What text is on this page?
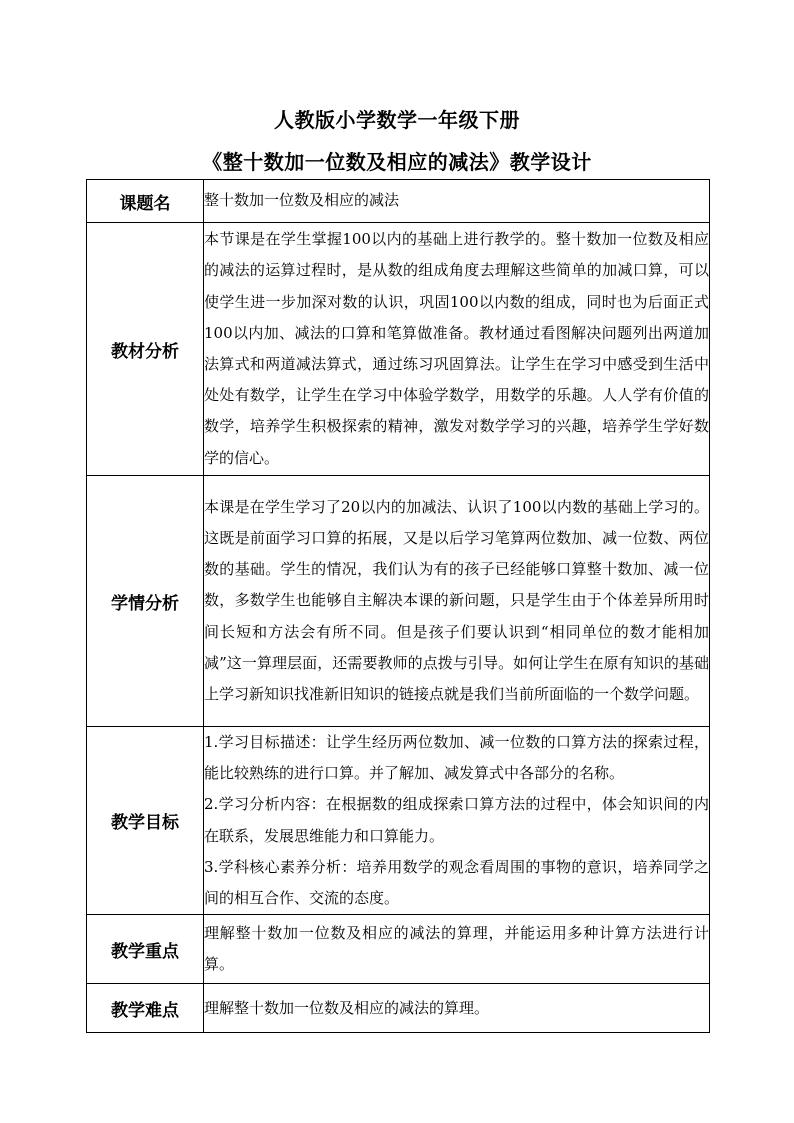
人教版小学数学一年级下册
《整十数加一位数及相应的减法》教学设计
课题名	整十数加一位数及相应的减法

教材分析	本节课是在学生掌握100以内的基础上进行教学的。整十数加一位数及相应的减法的运算过程时，是从数的组成角度去理解这些简单的加减口算，可以使学生进一步加深对数的认识，巩固100以内数的组成，同时也为后面正式100以内加、减法的口算和笔算做准备。教材通过看图解决问题列出两道加法算式和两道减法算式，通过练习巩固算法。让学生在学习中感受到生活中处处有数学，让学生在学习中体验学数学，用数学的乐趣。人人学有价值的数学，培养学生积极探索的精神，激发对数学学习的兴趣，培养学生学好数学的信心。

学情分析	本课是在学生学习了20以内的加减法、认识了100以内数的基础上学习的。这既是前面学习口算的拓展，又是以后学习笔算两位数加、减一位数、两位数的基础。学生的情况，我们认为有的孩子已经能够口算整十数加、减一位数，多数学生也能够自主解决本课的新问题，只是学生由于个体差异所用时间长短和方法会有所不同。但是孩子们要认识到“相同单位的数才能相加减”这一算理层面，还需要教师的点拨与引导。如何让学生在原有知识的基础上学习新知识找准新旧知识的链接点就是我们当前所面临的一个数学问题。

教学目标	1.学习目标描述：让学生经历两位数加、减一位数的口算方法的探索过程，能比较熟练的进行口算。并了解加、减发算式中各部分的名称。

2.学习分析内容：在根据数的组成探索口算方法的过程中，体会知识间的内在联系，发展思维能力和口算能力。

3.学科核心素养分析：培养用数学的观念看周围的事物的意识，培养同学之间的相互合作、交流的态度。

教学重点	理解整十数加一位数及相应的减法的算理，并能运用多种计算方法进行计算。

教学难点	理解整十数加一位数及相应的减法的算理。
